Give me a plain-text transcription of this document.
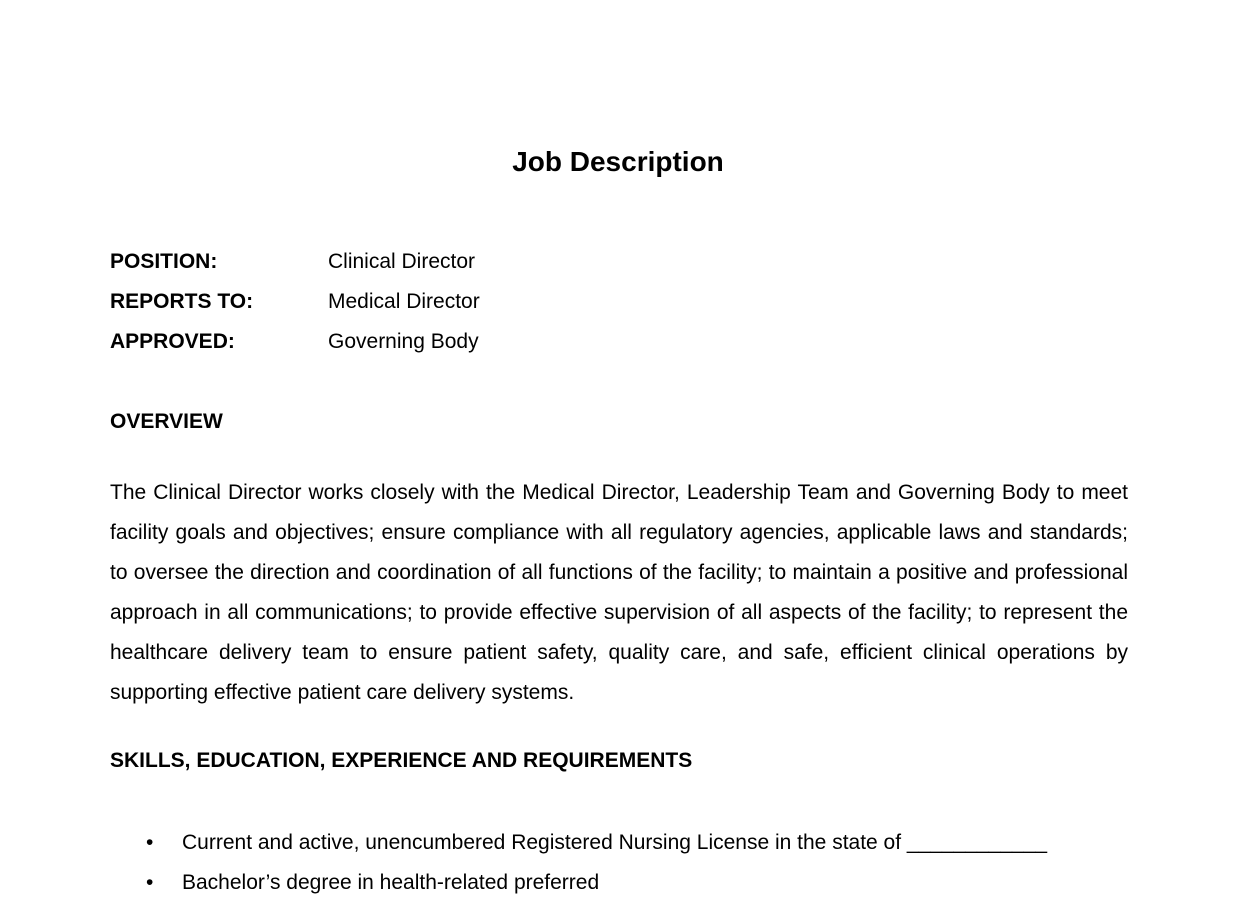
Job Description
POSITION:	Clinical Director
REPORTS TO:	Medical Director
APPROVED:	Governing Body
OVERVIEW

The Clinical Director works closely with the Medical Director, Leadership Team and Governing Body to meet facility goals and objectives; ensure compliance with all regulatory agencies, applicable laws and standards; to oversee the direction and coordination of all functions of the facility; to maintain a positive and professional approach in all communications; to provide effective supervision of all aspects of the facility; to represent the healthcare delivery team to ensure patient safety, quality care, and safe, efficient clinical operations by supporting effective patient care delivery systems.

SKILLS, EDUCATION, EXPERIENCE AND REQUIREMENTS
• Current and active, unencumbered Registered Nursing License in the state of ____________
• Bachelor’s degree in health-related preferred
